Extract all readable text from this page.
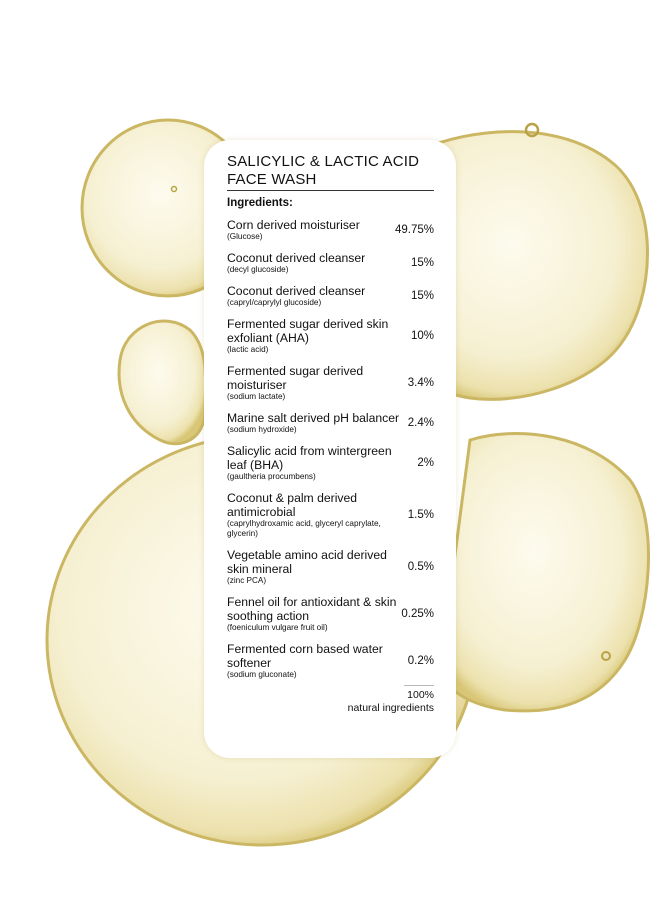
SALICYLIC & LACTIC ACID
FACE WASH
Ingredients:
Corn derived moisturiser
(Glucose)
49.75%
Coconut derived cleanser
(decyl glucoside)
15%
Coconut derived cleanser
(capryl/caprylyl glucoside)
15%
Fermented sugar derived skin exfoliant (AHA)
(lactic acid)
10%
Fermented sugar derived moisturiser
(sodium lactate)
3.4%
Marine salt derived pH balancer
(sodium hydroxide)
2.4%
Salicylic acid from wintergreen leaf (BHA)
(gaultheria procumbens)
2%
Coconut & palm derived antimicrobial
(caprylhydroxamic acid, glyceryl caprylate, glycerin)
1.5%
Vegetable amino acid derived skin mineral
(zinc PCA)
0.5%
Fennel oil for antioxidant & skin soothing action
(foeniculum vulgare fruit oil)
0.25%
Fermented corn based water softener
(sodium gluconate)
0.2%
100%
natural ingredients
